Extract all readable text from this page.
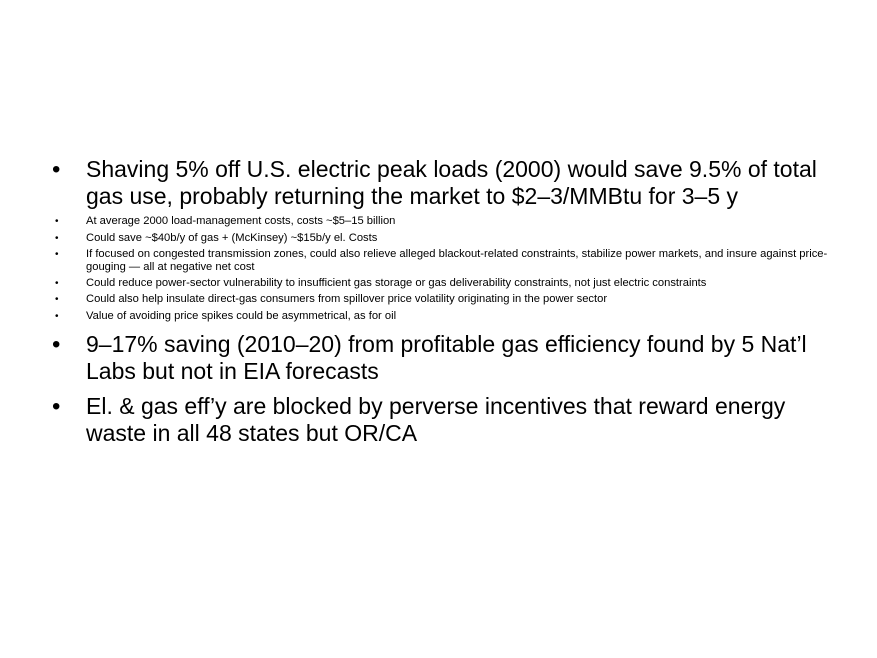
•	Shaving 5% off U.S. electric peak loads (2000) would save 9.5% of total gas use, probably returning the market to $2–3/MMBtu for 3–5 y
•	At average 2000 load-management costs, costs ~$5–15 billion
•	Could save ~$40b/y of gas + (McKinsey) ~$15b/y el. Costs
•	If focused on congested transmission zones, could also relieve alleged blackout-related constraints, stabilize power markets, and insure against price-gouging — all at negative net cost
•	Could reduce power-sector vulnerability to insufficient gas storage or gas deliverability constraints, not just electric constraints
•	Could also help insulate direct-gas consumers from spillover price volatility originating in the power sector
•	Value of avoiding price spikes could be asymmetrical, as for oil
•	9–17% saving (2010–20) from profitable gas efficiency found by 5 Nat’l Labs but not in EIA forecasts
•	El. & gas eff’y are blocked by perverse incentives that reward energy waste in all 48 states but OR/CA
